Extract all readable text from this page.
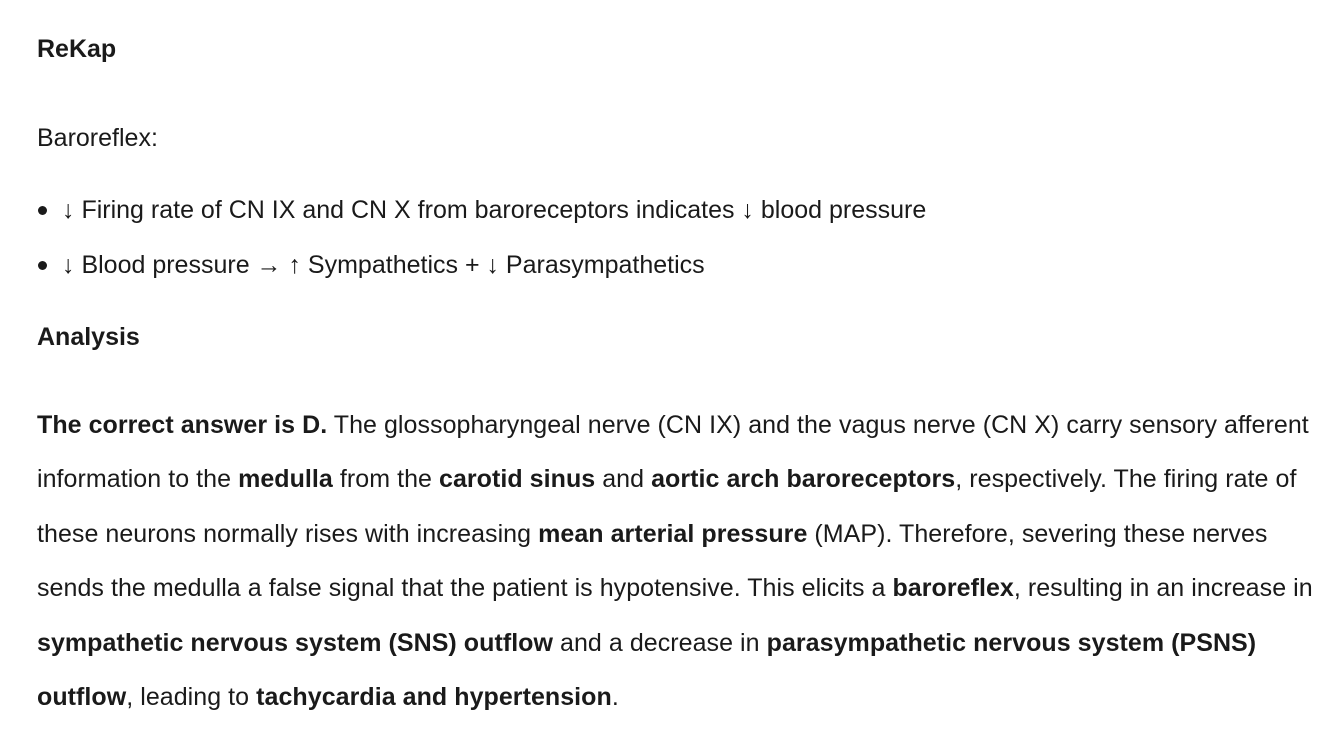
ReKap
Baroreflex:
↓ Firing rate of CN IX and CN X from baroreceptors indicates ↓ blood pressure
↓ Blood pressure → ↑ Sympathetics + ↓ Parasympathetics
Analysis

The correct answer is D. The glossopharyngeal nerve (CN IX) and the vagus nerve (CN X) carry sensory afferent information to the medulla from the carotid sinus and aortic arch baroreceptors, respectively. The firing rate of these neurons normally rises with increasing mean arterial pressure (MAP). Therefore, severing these nerves sends the medulla a false signal that the patient is hypotensive. This elicits a baroreflex, resulting in an increase in sympathetic nervous system (SNS) outflow and a decrease in parasympathetic nervous system (PSNS) outflow, leading to tachycardia and hypertension.
